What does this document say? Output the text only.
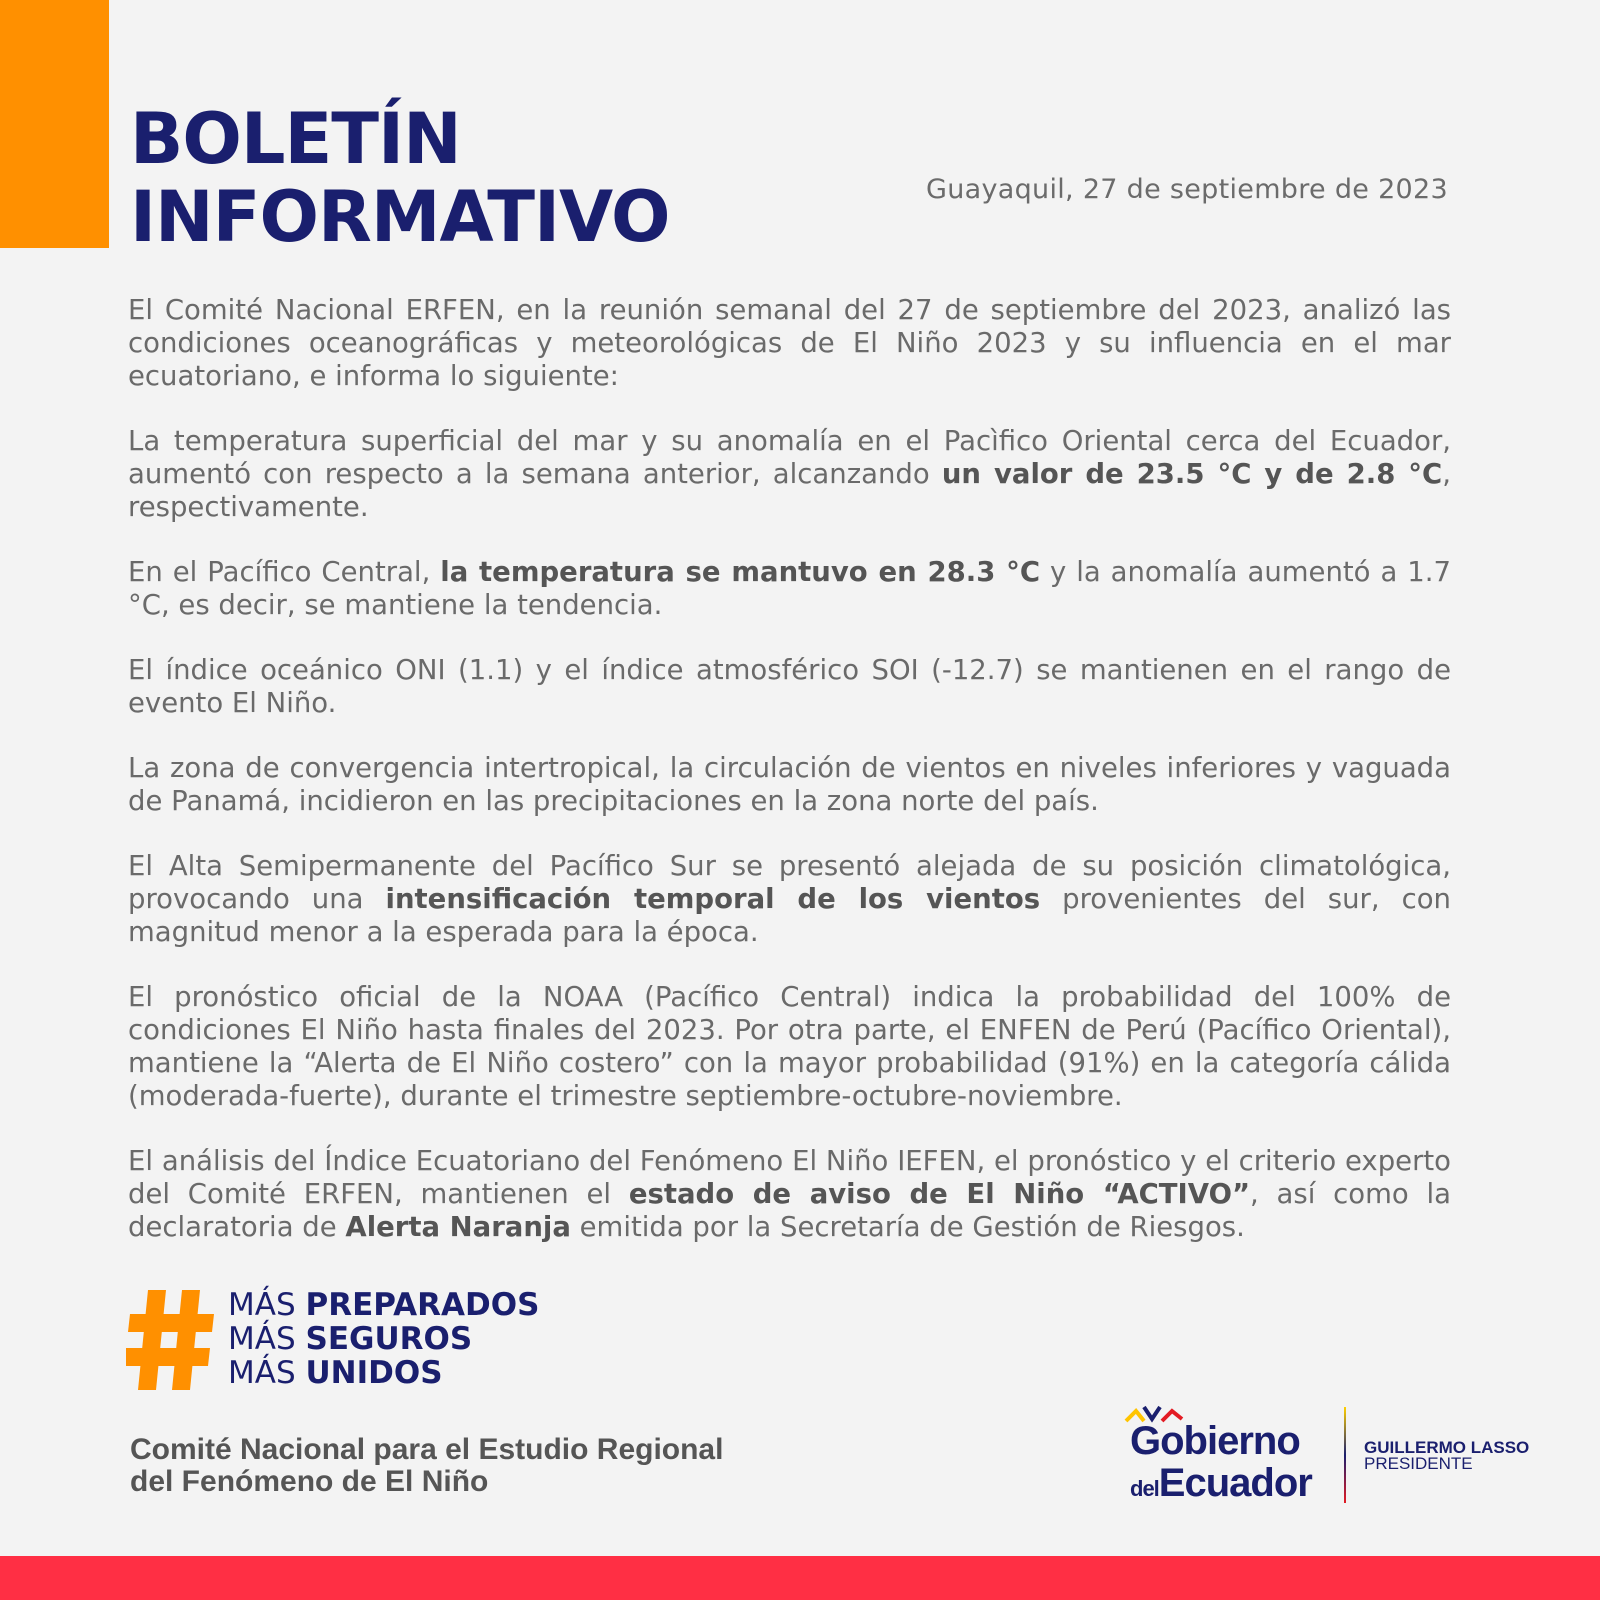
BOLETÍN
INFORMATIVO	Guayaquil, 27 de septiembre de 2023

El Comité Nacional ERFEN, en la reunión semanal del 27 de septiembre del 2023, analizó las condiciones oceanográficas y meteorológicas de El Niño 2023 y su influencia en el mar ecuatoriano, e informa lo siguiente:

La temperatura superficial del mar y su anomalía en el Pacìfico Oriental cerca del Ecuador, aumentó con respecto a la semana anterior, alcanzando un valor de 23.5 °C y de 2.8 °C, respectivamente.

En el Pacífico Central, la temperatura se mantuvo en 28.3 °C y la anomalía aumentó a 1.7 °C, es decir, se mantiene la tendencia.

El índice oceánico ONI (1.1) y el índice atmosférico SOI (-12.7) se mantienen en el rango de evento El Niño.

La zona de convergencia intertropical, la circulación de vientos en niveles inferiores y vaguada de Panamá, incidieron en las precipitaciones en la zona norte del país.

El Alta Semipermanente del Pacífico Sur se presentó alejada de su posición climatológica, provocando una intensificación temporal de los vientos provenientes del sur, con magnitud menor a la esperada para la época.

El pronóstico oficial de la NOAA (Pacífico Central) indica la probabilidad del 100% de condiciones El Niño hasta finales del 2023. Por otra parte, el ENFEN de Perú (Pacífico Oriental), mantiene la “Alerta de El Niño costero” con la mayor probabilidad (91%) en la categoría cálida (moderada-fuerte), durante el trimestre septiembre-octubre-noviembre.

El análisis del Índice Ecuatoriano del Fenómeno El Niño IEFEN, el pronóstico y el criterio experto del Comité ERFEN, mantienen el estado de aviso de El Niño “ACTIVO”, así como la declaratoria de Alerta Naranja emitida por la Secretaría de Gestión de Riesgos.

MÁS PREPARADOS
MÁS SEGUROS
MÁS UNIDOS
Comité Nacional para el Estudio Regional
del Fenómeno de El Niño
Gobierno
delEcuador
GUILLERMO LASSO
PRESIDENTE
